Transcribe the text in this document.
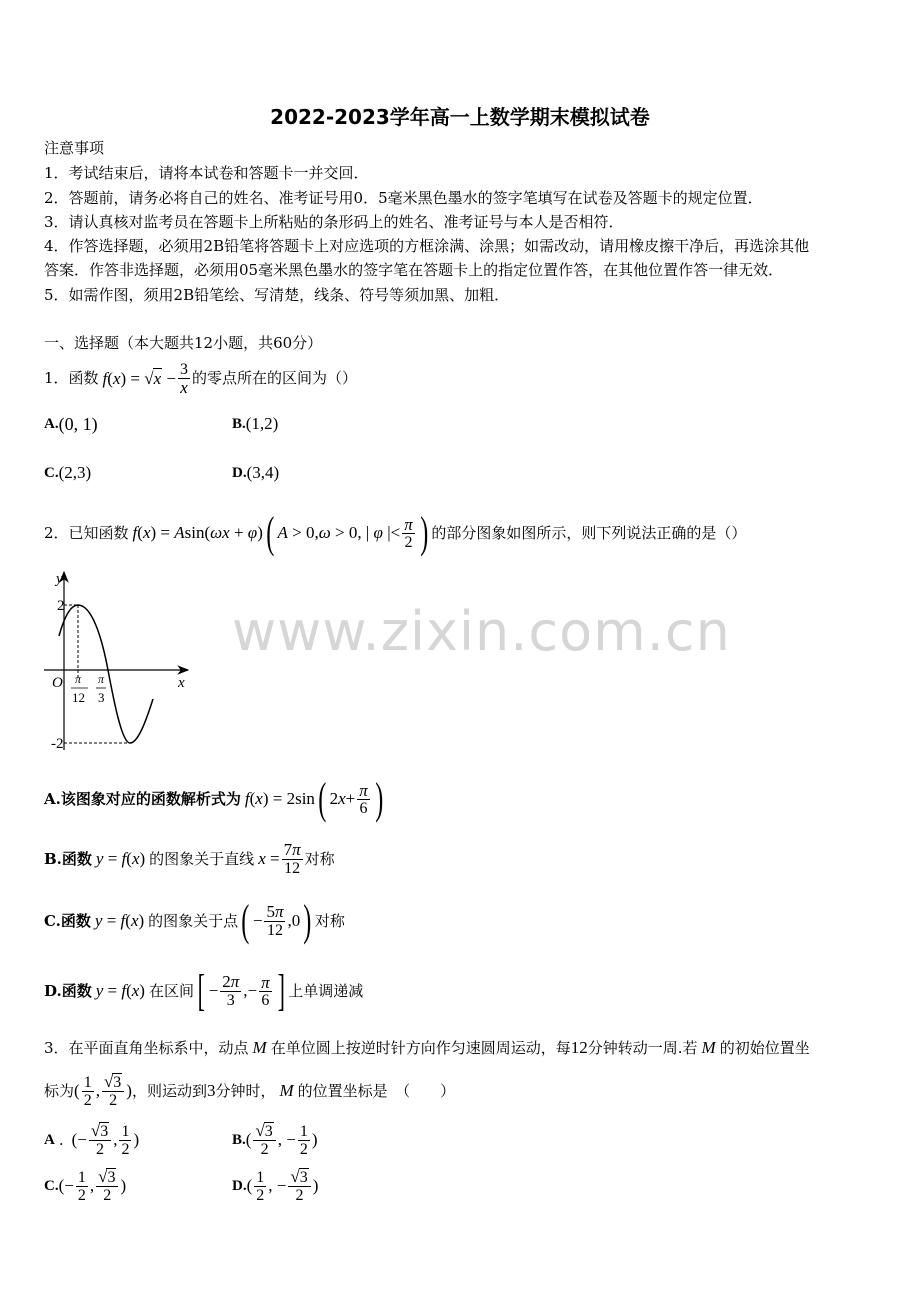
www.zixin.com.cn
2022-2023学年高一上数学期末模拟试卷
注意事项
1．考试结束后，请将本试卷和答题卡一并交回．
2．答题前，请务必将自己的姓名、准考证号用0．5毫米黑色墨水的签字笔填写在试卷及答题卡的规定位置．
3．请认真核对监考员在答题卡上所粘贴的条形码上的姓名、准考证号与本人是否相符．
4．作答选择题，必须用2B铅笔将答题卡上对应选项的方框涂满、涂黑；如需改动，请用橡皮擦干净后，再选涂其他
答案．作答非选择题，必须用05毫米黑色墨水的签字笔在答题卡上的指定位置作答，在其他位置作答一律无效．
5．如需作图，须用2B铅笔绘、写清楚，线条、符号等须加黑、加粗．
一、选择题（本大题共12小题，共60分）
1．函数 $f(x) = √x - \frac{3}{x}$ 的零点所在的区间为（）
A. (0, 1)	B. (1,2)
C. (2,3)	D. (3,4)
2．已知函数 f(x) = Asin(ωx + φ) ( A > 0,ω > 0, | φ |< $\frac{\pi}{2}$ ) 的部分图象如图所示，则下列说法正确的是（）
y
x
O
2
-2
π
12
π
3
A.该图象对应的函数解析式为 f(x) = 2sin ( 2 $x + \frac{\pi}{6}$ )
B.函数 y = f(x) 的图象关于直线 $x = \frac{7\pi}{12}$ 对称
C.函数 y = f(x) 的图象关于点 ( − $\frac{5\pi}{12} ,0$ ) 对称
D.函数 y = f(x) 在区间 [ − $\frac{2\pi}{3}$ ,− $\frac{\pi}{6}$ ] 上单调递减
3．在平面直角坐标系中，动点 M 在单位圆上按逆时针方向作匀速圆周运动，每 12 分钟转动一周.若 M 的初始位置坐
标为 ( $\frac{1}{2}$ , $\frac{√3}{2}$ ) ，则运动到 3 分钟时， M 的位置坐标是　（　　）
A . (− $\frac{√3}{2}$ , $\frac{1}{2}$ )	B. ( $\frac{√3}{2}$ , − $\frac{1}{2}$ )
C. (− $\frac{1}{2}$ , $\frac{√3}{2}$ )	D. ( $\frac{1}{2}$ , − $\frac{√3}{2}$ )
